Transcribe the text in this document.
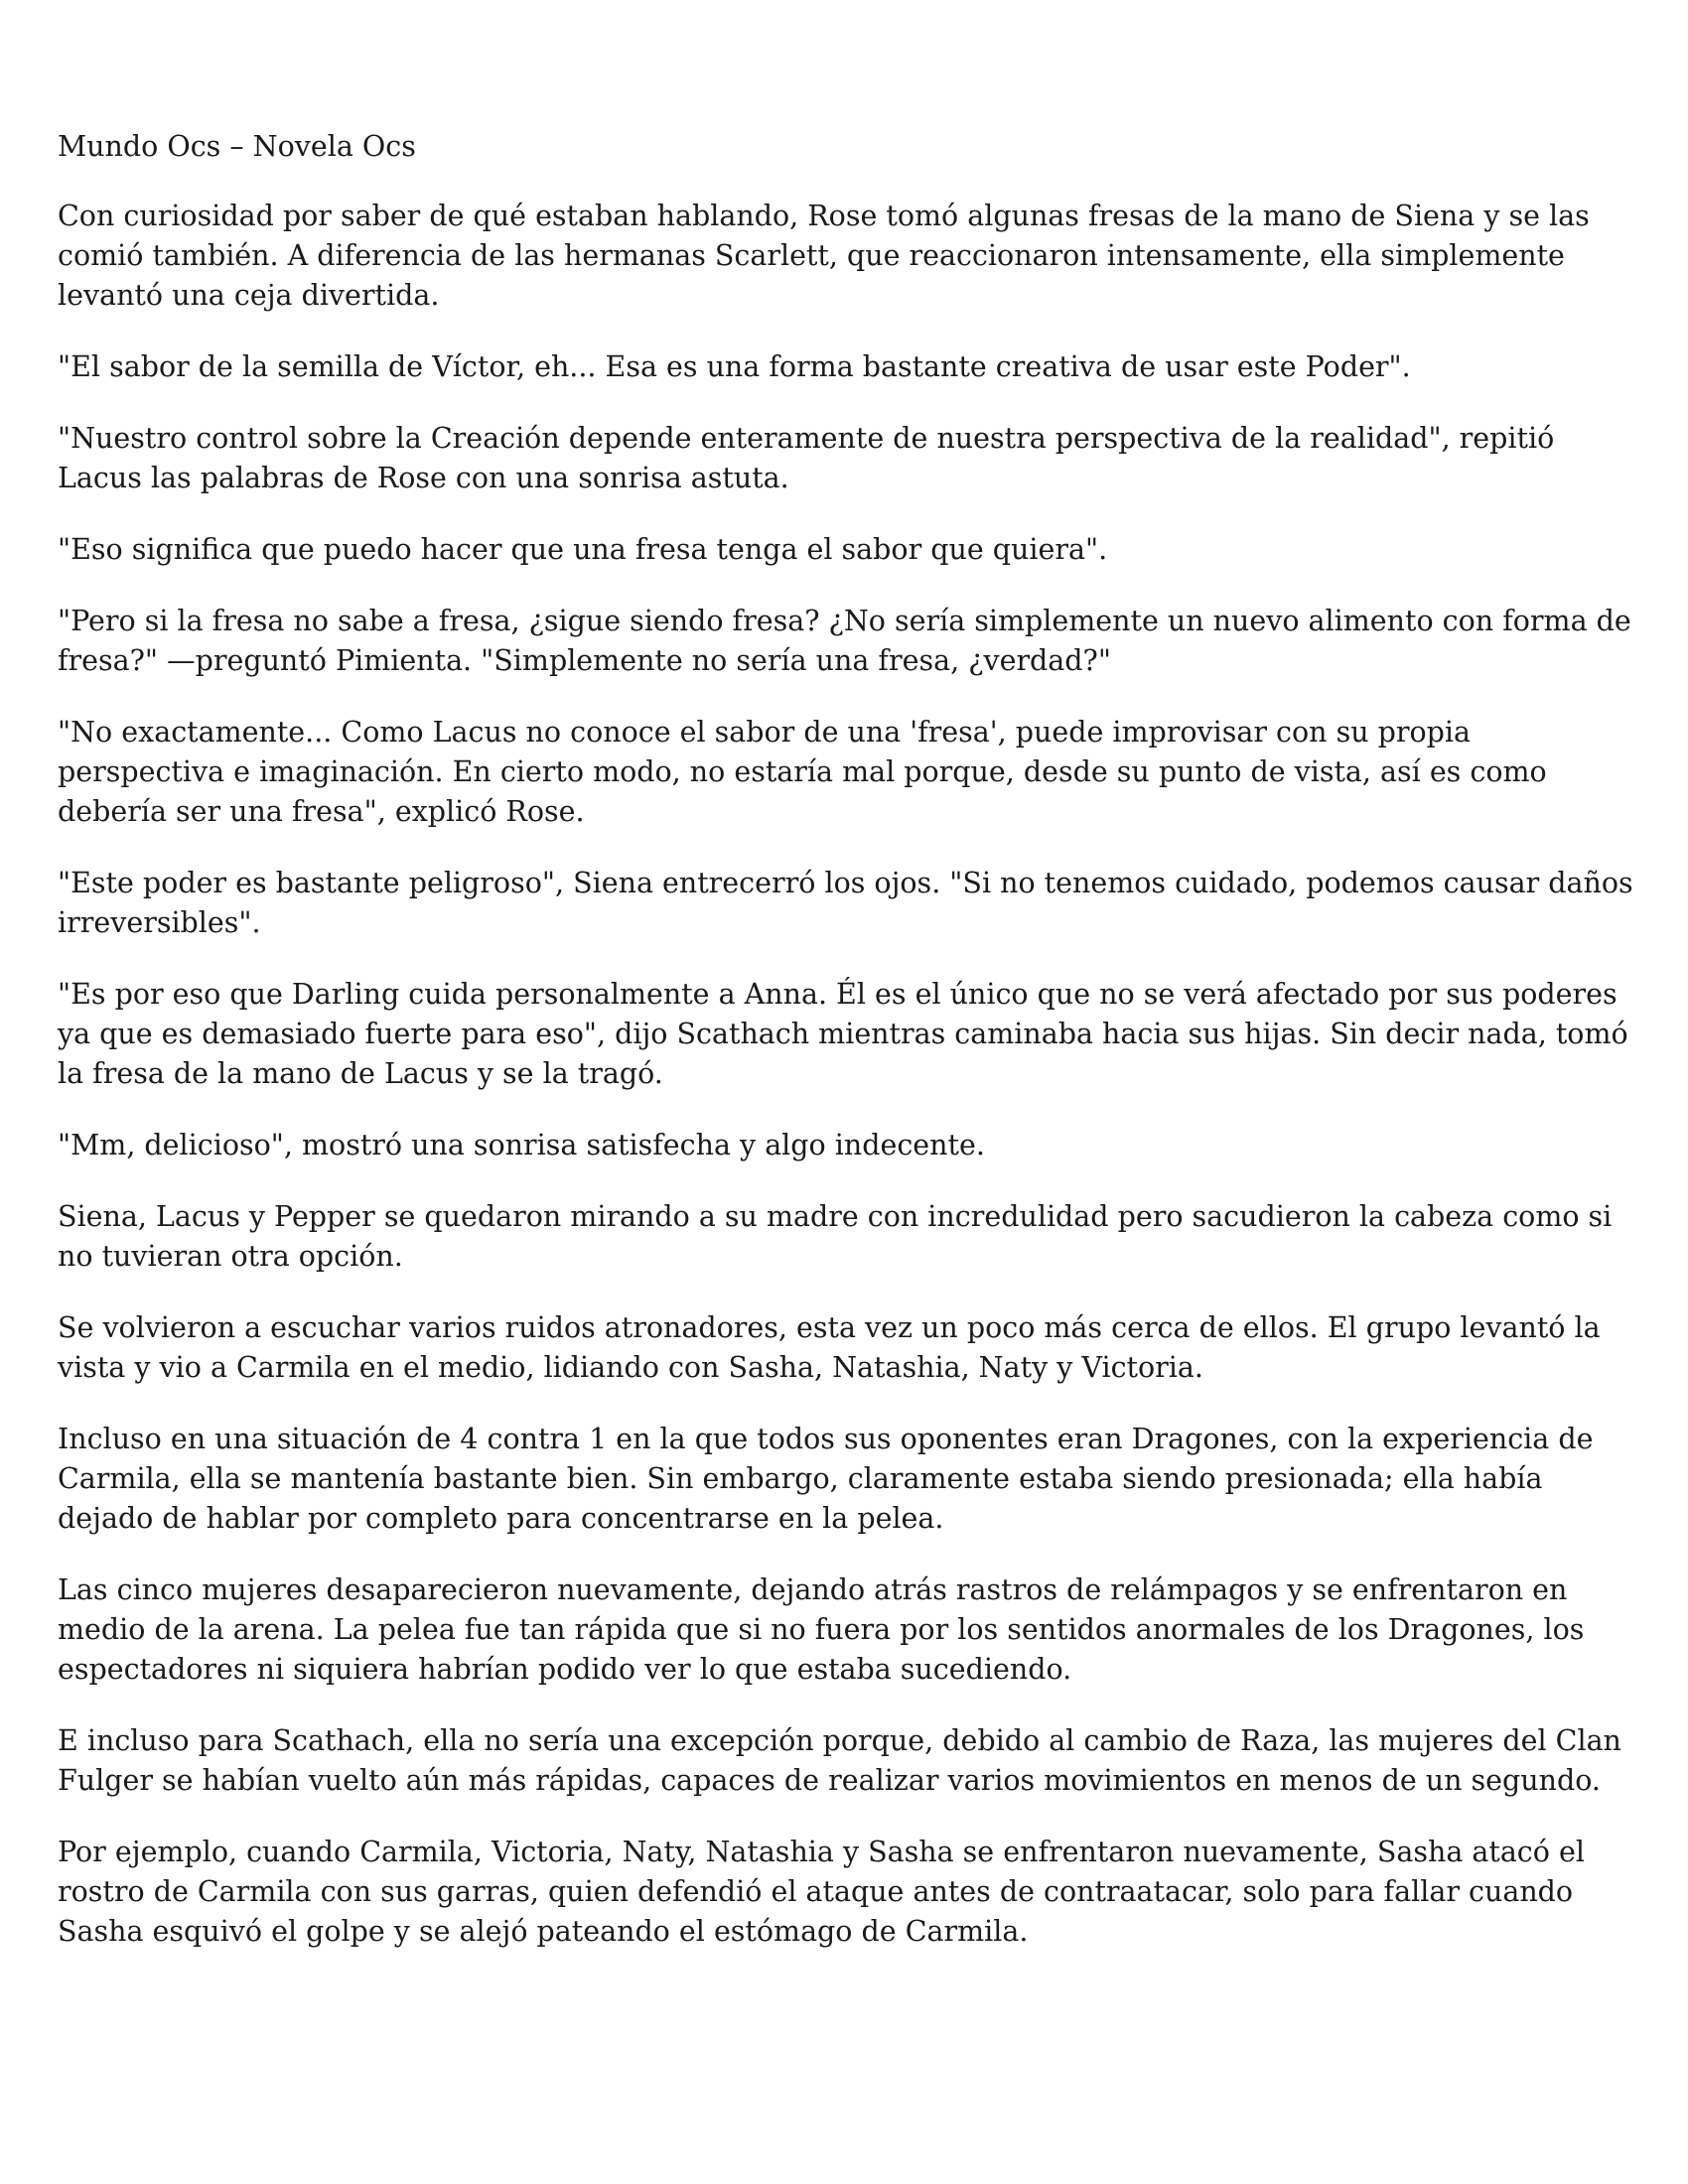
Mundo Ocs – Novela Ocs

Con curiosidad por saber de qué estaban hablando, Rose tomó algunas fresas de la mano de Siena y se las comió también. A diferencia de las hermanas Scarlett, que reaccionaron intensamente, ella simplemente levantó una ceja divertida.

"El sabor de la semilla de Víctor, eh... Esa es una forma bastante creativa de usar este Poder".

"Nuestro control sobre la Creación depende enteramente de nuestra perspectiva de la realidad", repitió Lacus las palabras de Rose con una sonrisa astuta.

"Eso significa que puedo hacer que una fresa tenga el sabor que quiera".

"Pero si la fresa no sabe a fresa, ¿sigue siendo fresa? ¿No sería simplemente un nuevo alimento con forma de fresa?" —preguntó Pimienta. "Simplemente no sería una fresa, ¿verdad?"

"No exactamente... Como Lacus no conoce el sabor de una 'fresa', puede improvisar con su propia perspectiva e imaginación. En cierto modo, no estaría mal porque, desde su punto de vista, así es como debería ser una fresa", explicó Rose.

"Este poder es bastante peligroso", Siena entrecerró los ojos. "Si no tenemos cuidado, podemos causar daños irreversibles".

"Es por eso que Darling cuida personalmente a Anna. Él es el único que no se verá afectado por sus poderes ya que es demasiado fuerte para eso", dijo Scathach mientras caminaba hacia sus hijas. Sin decir nada, tomó la fresa de la mano de Lacus y se la tragó.

"Mm, delicioso", mostró una sonrisa satisfecha y algo indecente.

Siena, Lacus y Pepper se quedaron mirando a su madre con incredulidad pero sacudieron la cabeza como si no tuvieran otra opción.

Se volvieron a escuchar varios ruidos atronadores, esta vez un poco más cerca de ellos. El grupo levantó la vista y vio a Carmila en el medio, lidiando con Sasha, Natashia, Naty y Victoria.

Incluso en una situación de 4 contra 1 en la que todos sus oponentes eran Dragones, con la experiencia de Carmila, ella se mantenía bastante bien. Sin embargo, claramente estaba siendo presionada; ella había dejado de hablar por completo para concentrarse en la pelea.

Las cinco mujeres desaparecieron nuevamente, dejando atrás rastros de relámpagos y se enfrentaron en medio de la arena. La pelea fue tan rápida que si no fuera por los sentidos anormales de los Dragones, los espectadores ni siquiera habrían podido ver lo que estaba sucediendo.

E incluso para Scathach, ella no sería una excepción porque, debido al cambio de Raza, las mujeres del Clan Fulger se habían vuelto aún más rápidas, capaces de realizar varios movimientos en menos de un segundo.

Por ejemplo, cuando Carmila, Victoria, Naty, Natashia y Sasha se enfrentaron nuevamente, Sasha atacó el rostro de Carmila con sus garras, quien defendió el ataque antes de contraatacar, solo para fallar cuando Sasha esquivó el golpe y se alejó pateando el estómago de Carmila.
